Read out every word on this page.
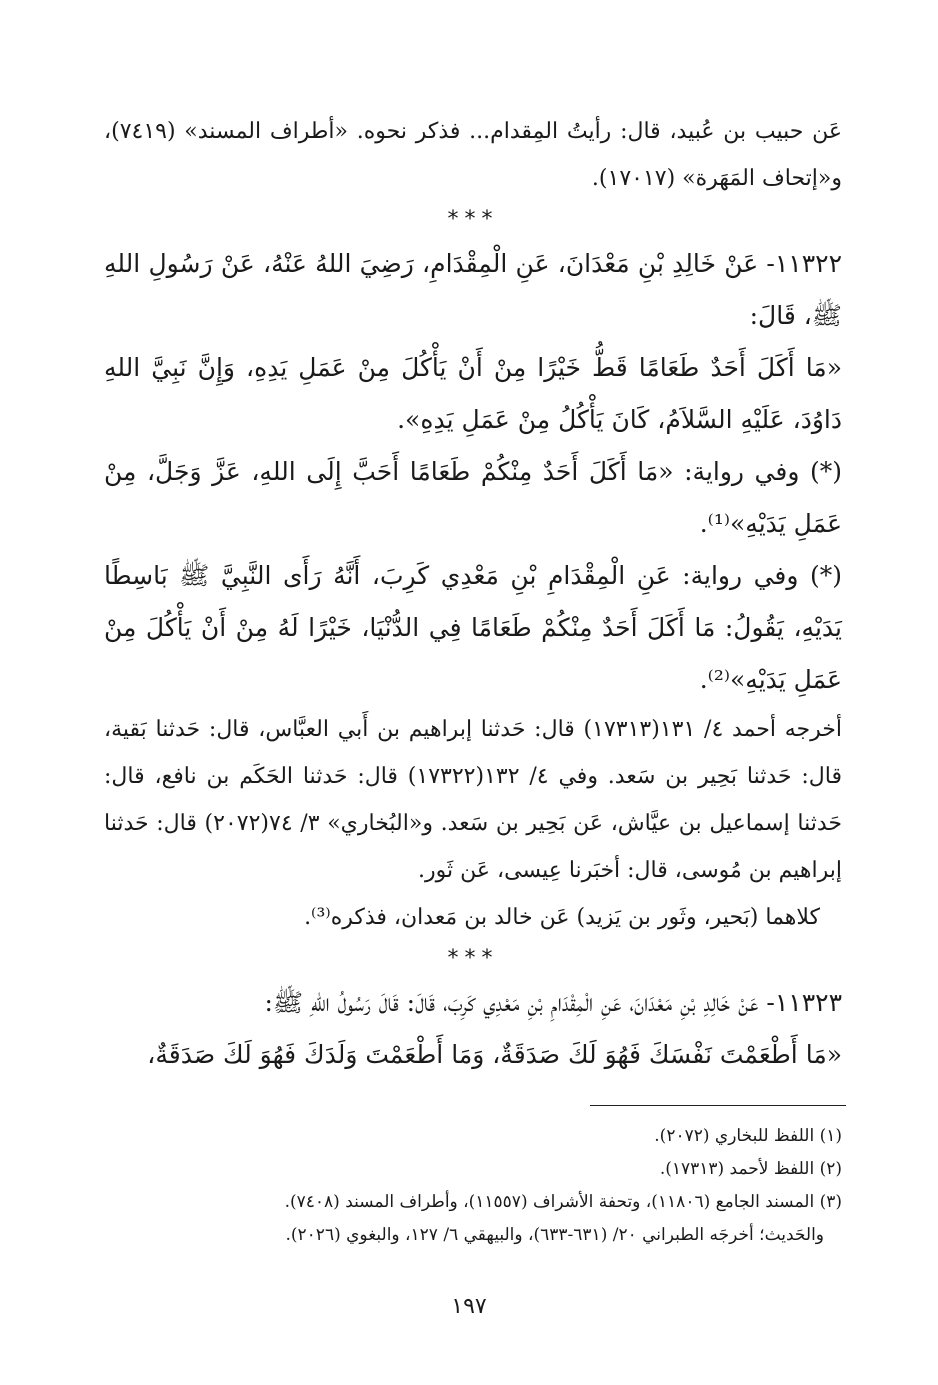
عَن حبيب بن عُبيد، قال: رأيتُ المِقدام... فذكر نحوه. «أطراف المسند» (٧٤١٩)، و«إتحاف المَهَرة» (١٧٠١٧).

***

١١٣٢٢- عَنْ خَالِدِ بْنِ مَعْدَانَ، عَنِ الْمِقْدَامِ، رَضِيَ اللهُ عَنْهُ، عَنْ رَسُولِ اللهِ ﷺ، قَالَ:

«مَا أَكَلَ أَحَدٌ طَعَامًا قَطُّ خَيْرًا مِنْ أَنْ يَأْكُلَ مِنْ عَمَلِ يَدِهِ، وَإِنَّ نَبِيَّ اللهِ دَاوُدَ، عَلَيْهِ السَّلاَمُ، كَانَ يَأْكُلُ مِنْ عَمَلِ يَدِهِ».

(*) وفي رواية: «مَا أَكَلَ أَحَدٌ مِنْكُمْ طَعَامًا أَحَبَّ إِلَى اللهِ، عَزَّ وَجَلَّ، مِنْ عَمَلِ يَدَيْهِ»⁽¹⁾.

(*) وفي رواية: عَنِ الْمِقْدَامِ بْنِ مَعْدِي كَرِبَ، أَنَّهُ رَأَى النَّبِيَّ ﷺ بَاسِطًا يَدَيْهِ، يَقُولُ: مَا أَكَلَ أَحَدٌ مِنْكُمْ طَعَامًا فِي الدُّنْيَا، خَيْرًا لَهُ مِنْ أَنْ يَأْكُلَ مِنْ عَمَلِ يَدَيْهِ»⁽²⁾.

أخرجه أحمد ٤/ ١٣١(١٧٣١٣) قال: حَدثنا إبراهيم بن أَبي العبَّاس، قال: حَدثنا بَقية، قال: حَدثنا بَحِير بن سَعد. وفي ٤/ ١٣٢(١٧٣٢٢) قال: حَدثنا الحَكَم بن نافع، قال: حَدثنا إسماعيل بن عيَّاش، عَن بَحِير بن سَعد. و«البُخاري» ٣/ ٧٤(٢٠٧٢) قال: حَدثنا إبراهيم بن مُوسى، قال: أخبَرنا عِيسى، عَن ثَور.

كلاهما (بَحير، وثَور بن يَزيد) عَن خالد بن مَعدان، فذكره⁽³⁾.

***

١١٣٢٣- عَنْ خَالِدِ بْنِ مَعْدَانَ، عَنِ الْمِقْدَامِ بْنِ مَعْدِي كَرِبَ، قَالَ: قَالَ رَسُولُ اللهِ ﷺ:

«مَا أَطْعَمْتَ نَفْسَكَ فَهُوَ لَكَ صَدَقَةٌ، وَمَا أَطْعَمْتَ وَلَدَكَ فَهُوَ لَكَ صَدَقَةٌ،

(١) اللفظ للبخاري (٢٠٧٢).

(٢) اللفظ لأحمد (١٧٣١٣).

(٣) المسند الجامع (١١٨٠٦)، وتحفة الأشراف (١١٥٥٧)، وأطراف المسند (٧٤٠٨).

والحَديث؛ أخرجَه الطبراني ٢٠/ (٦٣١-٦٣٣)، والبيهقي ٦/ ١٢٧، والبغوي (٢٠٢٦).

١٩٧
